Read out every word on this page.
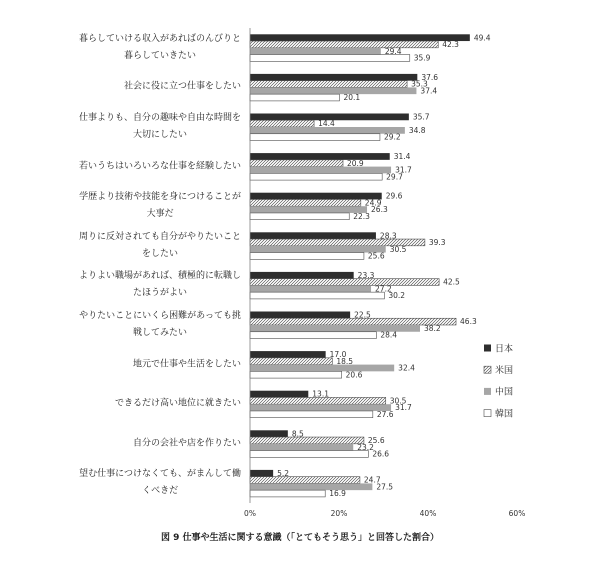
49.4
42.3
29.4
35.9
37.6
35.3
37.4
20.1
35.7
14.4
34.8
29.2
31.4
20.9
31.7
29.7
29.6
24.9
26.3
22.3
28.3
39.3
30.5
25.6
23.3
42.5
27.2
30.2
22.5
46.3
38.2
28.4
17.0
18.5
32.4
20.6
13.1
30.5
31.7
27.6
8.5
25.6
23.2
26.6
5.2
24.7
27.5
16.9
0%	20%	40%	60%
日本
米国
中国
韓国
暮らしていける収入があればのんびりと
暮らしていきたい
社会に役に立つ仕事をしたい
仕事よりも、自分の趣味や自由な時間を
大切にしたい
若いうちはいろいろな仕事を経験したい
学歴より技術や技能を身につけることが
大事だ
周りに反対されても自分がやりたいこと
をしたい
よりよい職場があれば、積極的に転職し
たほうがよい
やりたいことにいくら困難があっても挑
戦してみたい
地元で仕事や生活をしたい
できるだけ高い地位に就きたい
自分の会社や店を作りたい
望む仕事につけなくても、がまんして働
くべきだ
図 9 仕事や生活に関する意識（「とてもそう思う」と回答した割合）
